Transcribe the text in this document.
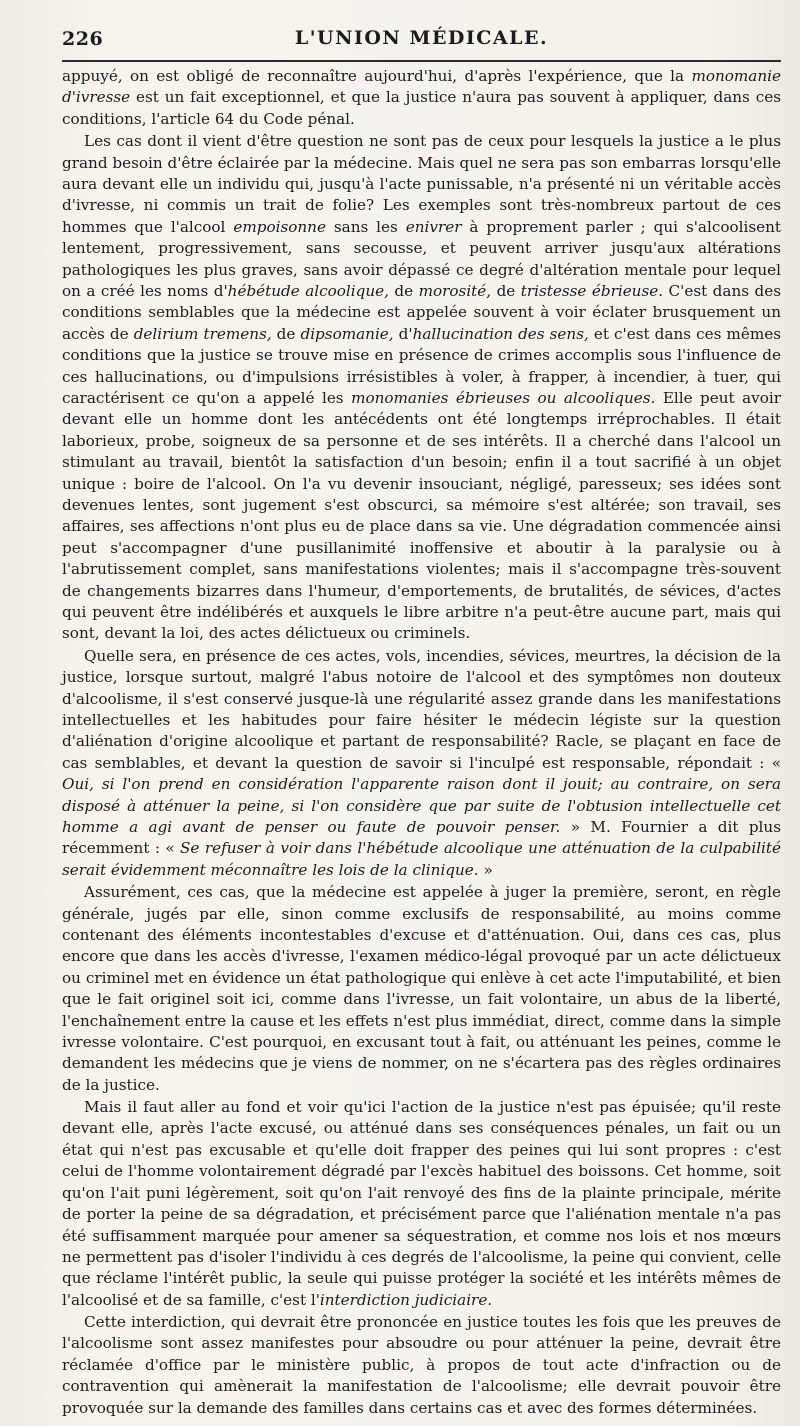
226	L'UNION MÉDICALE.

appuyé, on est obligé de reconnaître aujourd'hui, d'après l'expérience, que la monomanie d'ivresse est un fait exceptionnel, et que la justice n'aura pas souvent à appliquer, dans ces conditions, l'article 64 du Code pénal.

Les cas dont il vient d'être question ne sont pas de ceux pour lesquels la justice a le plus grand besoin d'être éclairée par la médecine. Mais quel ne sera pas son embarras lorsqu'elle aura devant elle un individu qui, jusqu'à l'acte punissable, n'a présenté ni un véritable accès d'ivresse, ni commis un trait de folie? Les exemples sont très-nombreux partout de ces hommes que l'alcool empoisonne sans les enivrer à proprement parler ; qui s'alcoolisent lentement, progressivement, sans secousse, et peuvent arriver jusqu'aux altérations pathologiques les plus graves, sans avoir dépassé ce degré d'altération mentale pour lequel on a créé les noms d'hébétude alcoolique, de morosité, de tristesse ébrieuse. C'est dans des conditions semblables que la médecine est appelée souvent à voir éclater brusquement un accès de delirium tremens, de dipsomanie, d'hallucination des sens, et c'est dans ces mêmes conditions que la justice se trouve mise en présence de crimes accomplis sous l'influence de ces hallucinations, ou d'impulsions irrésistibles à voler, à frapper, à incendier, à tuer, qui caractérisent ce qu'on a appelé les monomanies ébrieuses ou alcooliques. Elle peut avoir devant elle un homme dont les antécédents ont été longtemps irréprochables. Il était laborieux, probe, soigneux de sa personne et de ses intérêts. Il a cherché dans l'alcool un stimulant au travail, bientôt la satisfaction d'un besoin; enfin il a tout sacrifié à un objet unique : boire de l'alcool. On l'a vu devenir insouciant, négligé, paresseux; ses idées sont devenues lentes, sont jugement s'est obscurci, sa mémoire s'est altérée; son travail, ses affaires, ses affections n'ont plus eu de place dans sa vie. Une dégradation commencée ainsi peut s'accompagner d'une pusillanimité inoffensive et aboutir à la paralysie ou à l'abrutissement complet, sans manifestations violentes; mais il s'accompagne très-souvent de changements bizarres dans l'humeur, d'emportements, de brutalités, de sévices, d'actes qui peuvent être indélibérés et auxquels le libre arbitre n'a peut-être aucune part, mais qui sont, devant la loi, des actes délictueux ou criminels.

Quelle sera, en présence de ces actes, vols, incendies, sévices, meurtres, la décision de la justice, lorsque surtout, malgré l'abus notoire de l'alcool et des symptômes non douteux d'alcoolisme, il s'est conservé jusque-là une régularité assez grande dans les manifestations intellectuelles et les habitudes pour faire hésiter le médecin légiste sur la question d'aliénation d'origine alcoolique et partant de responsabilité? Racle, se plaçant en face de cas semblables, et devant la question de savoir si l'inculpé est responsable, répondait : « Oui, si l'on prend en considération l'apparente raison dont il jouit; au contraire, on sera disposé à atténuer la peine, si l'on considère que par suite de l'obtusion intellectuelle cet homme a agi avant de penser ou faute de pouvoir penser. » M. Fournier a dit plus récemment : « Se refuser à voir dans l'hébétude alcoolique une atténuation de la culpabilité serait évidemment méconnaître les lois de la clinique. »

Assurément, ces cas, que la médecine est appelée à juger la première, seront, en règle générale, jugés par elle, sinon comme exclusifs de responsabilité, au moins comme contenant des éléments incontestables d'excuse et d'atténuation. Oui, dans ces cas, plus encore que dans les accès d'ivresse, l'examen médico-légal provoqué par un acte délictueux ou criminel met en évidence un état pathologique qui enlève à cet acte l'imputabilité, et bien que le fait originel soit ici, comme dans l'ivresse, un fait volontaire, un abus de la liberté, l'enchaînement entre la cause et les effets n'est plus immédiat, direct, comme dans la simple ivresse volontaire. C'est pourquoi, en excusant tout à fait, ou atténuant les peines, comme le demandent les médecins que je viens de nommer, on ne s'écartera pas des règles ordinaires de la justice.

Mais il faut aller au fond et voir qu'ici l'action de la justice n'est pas épuisée; qu'il reste devant elle, après l'acte excusé, ou atténué dans ses conséquences pénales, un fait ou un état qui n'est pas excusable et qu'elle doit frapper des peines qui lui sont propres : c'est celui de l'homme volontairement dégradé par l'excès habituel des boissons. Cet homme, soit qu'on l'ait puni légèrement, soit qu'on l'ait renvoyé des fins de la plainte principale, mérite de porter la peine de sa dégradation, et précisément parce que l'aliénation mentale n'a pas été suffisamment marquée pour amener sa séquestration, et comme nos lois et nos mœurs ne permettent pas d'isoler l'individu à ces degrés de l'alcoolisme, la peine qui convient, celle que réclame l'intérêt public, la seule qui puisse protéger la société et les intérêts mêmes de l'alcoolisé et de sa famille, c'est l'interdiction judiciaire.

Cette interdiction, qui devrait être prononcée en justice toutes les fois que les preuves de l'alcoolisme sont assez manifestes pour absoudre ou pour atténuer la peine, devrait être réclamée d'office par le ministère public, à propos de tout acte d'infraction ou de contravention qui amènerait la manifestation de l'alcoolisme; elle devrait pouvoir être provoquée sur la demande des familles dans certains cas et avec des formes déterminées.
